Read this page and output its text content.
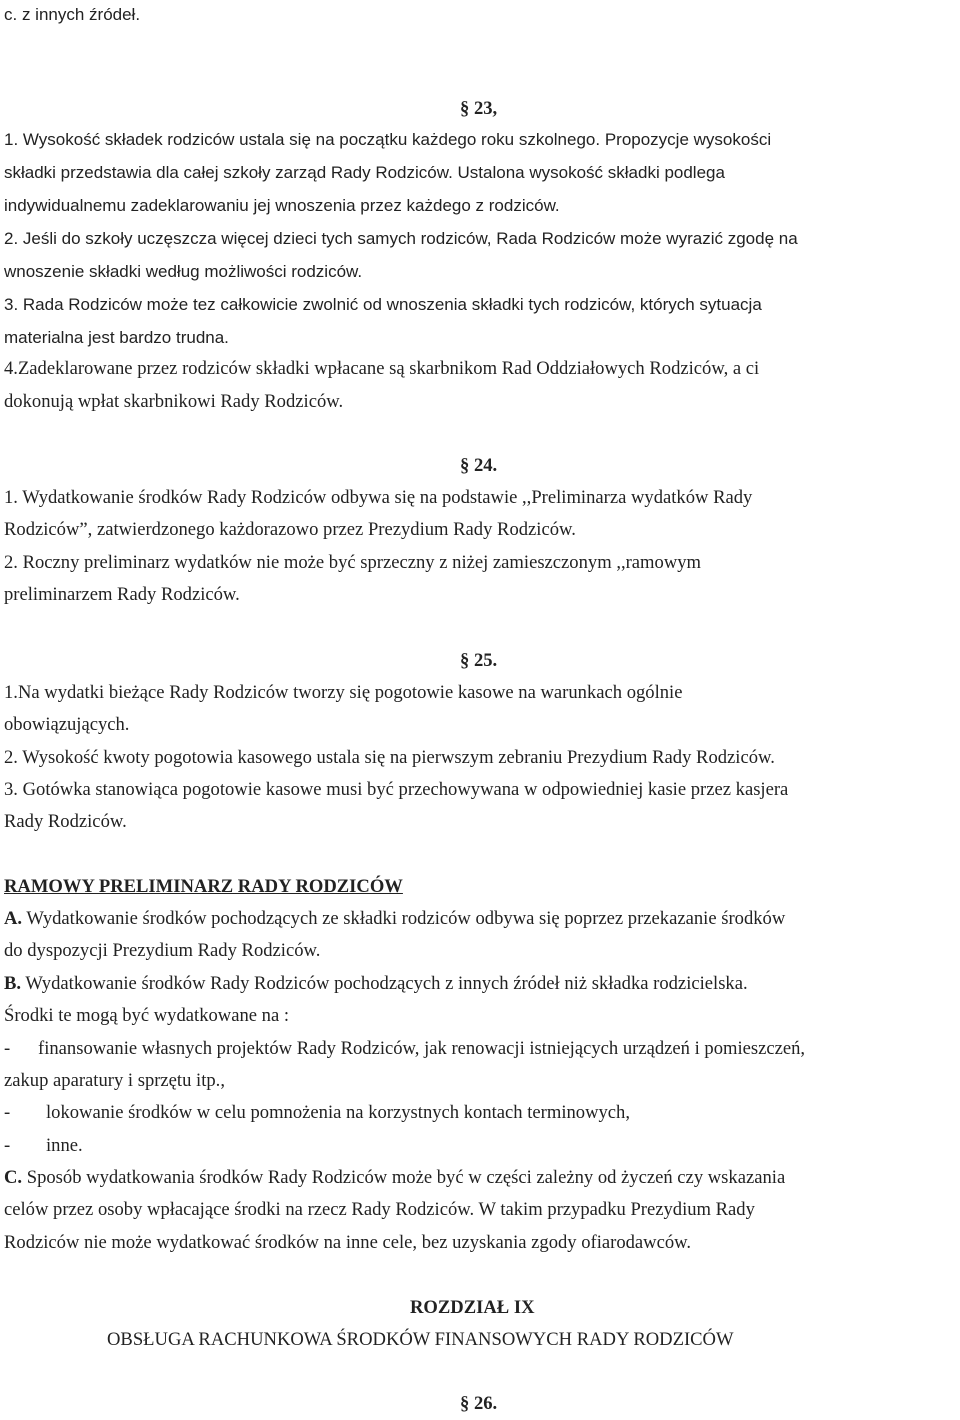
c. z innych źródeł.
§ 23,
1. Wysokość składek rodziców ustala się na początku każdego roku szkolnego. Propozycje wysokości
składki przedstawia dla całej szkoły zarząd Rady Rodziców. Ustalona wysokość składki podlega
indywidualnemu zadeklarowaniu jej wnoszenia przez każdego z rodziców.
2. Jeśli do szkoły uczęszcza więcej dzieci tych samych rodziców, Rada Rodziców może wyrazić zgodę na
wnoszenie składki według możliwości rodziców.
3. Rada Rodziców może tez całkowicie zwolnić od wnoszenia składki tych rodziców, których sytuacja
materialna jest bardzo trudna.
4.Zadeklarowane przez rodziców składki wpłacane są skarbnikom Rad Oddziałowych Rodziców, a ci
dokonują wpłat skarbnikowi Rady Rodziców.
§ 24.
1. Wydatkowanie środków Rady Rodziców odbywa się na podstawie ,,Preliminarza wydatków Rady
Rodziców”, zatwierdzonego każdorazowo przez Prezydium Rady Rodziców.
2. Roczny preliminarz wydatków nie może być sprzeczny z niżej zamieszczonym ,,ramowym
preliminarzem Rady Rodziców.
§ 25.
1.Na wydatki bieżące Rady Rodziców tworzy się pogotowie kasowe na warunkach ogólnie
obowiązujących.
2. Wysokość kwoty pogotowia kasowego ustala się na pierwszym zebraniu Prezydium Rady Rodziców.
3. Gotówka stanowiąca pogotowie kasowe musi być przechowywana w odpowiedniej kasie przez kasjera
Rady Rodziców.
RAMOWY PRELIMINARZ RADY RODZICÓW
A. Wydatkowanie środków pochodzących ze składki rodziców odbywa się poprzez przekazanie środków
do dyspozycji Prezydium Rady Rodziców.
B. Wydatkowanie środków Rady Rodziców pochodzących z innych źródeł niż składka rodzicielska.
Środki te mogą być wydatkowane na :
- finansowanie własnych projektów Rady Rodziców, jak renowacji istniejących urządzeń i pomieszczeń,
zakup aparatury i sprzętu itp.,
- lokowanie środków w celu pomnożenia na korzystnych kontach terminowych,
- inne.
C. Sposób wydatkowania środków Rady Rodziców może być w części zależny od życzeń czy wskazania
celów przez osoby wpłacające środki na rzecz Rady Rodziców. W takim przypadku Prezydium Rady
Rodziców nie może wydatkować środków na inne cele, bez uzyskania zgody ofiarodawców.
ROZDZIAŁ IX
OBSŁUGA RACHUNKOWA ŚRODKÓW FINANSOWYCH RADY RODZICÓW
§ 26.
